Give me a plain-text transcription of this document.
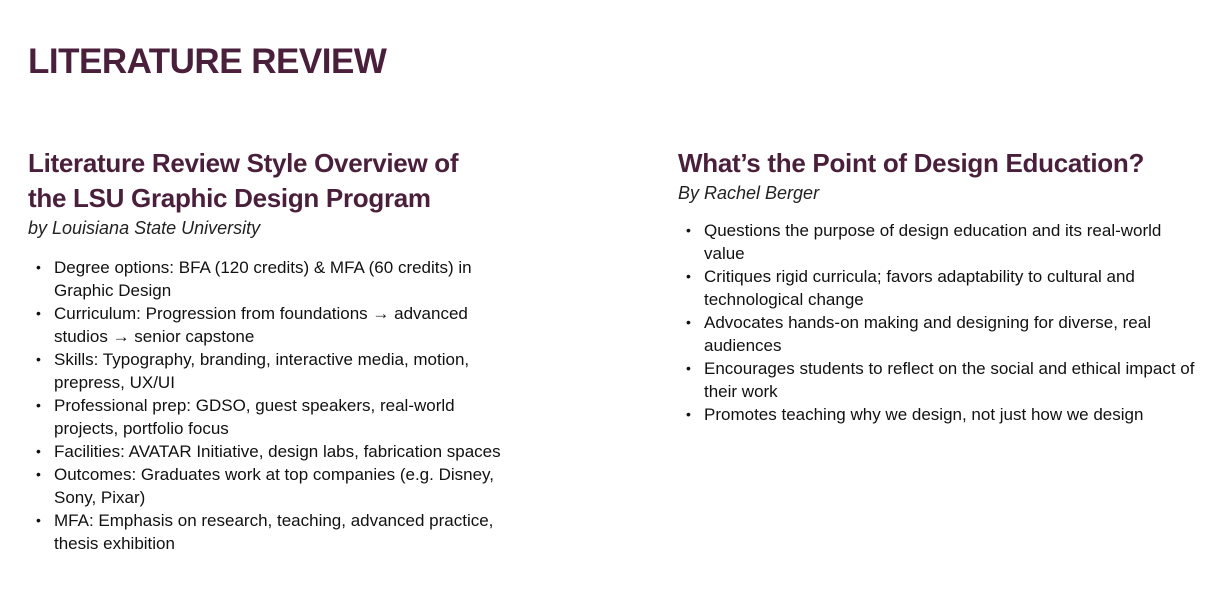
LITERATURE REVIEW
Literature Review Style Overview of the LSU Graphic Design Program

by Louisiana State University

• Degree options: BFA (120 credits) & MFA (60 credits) in Graphic Design
• Curriculum: Progression from foundations → advanced studios → senior capstone
• Skills: Typography, branding, interactive media, motion, prepress, UX/UI
• Professional prep: GDSO, guest speakers, real-world projects, portfolio focus
• Facilities: AVATAR Initiative, design labs, fabrication spaces
• Outcomes: Graduates work at top companies (e.g. Disney, Sony, Pixar)
• MFA: Emphasis on research, teaching, advanced practice, thesis exhibition
What’s the Point of Design Education?

By Rachel Berger

• Questions the purpose of design education and its real-world value
• Critiques rigid curricula; favors adaptability to cultural and technological change
• Advocates hands-on making and designing for diverse, real audiences
• Encourages students to reflect on the social and ethical impact of their work
• Promotes teaching why we design, not just how we design
